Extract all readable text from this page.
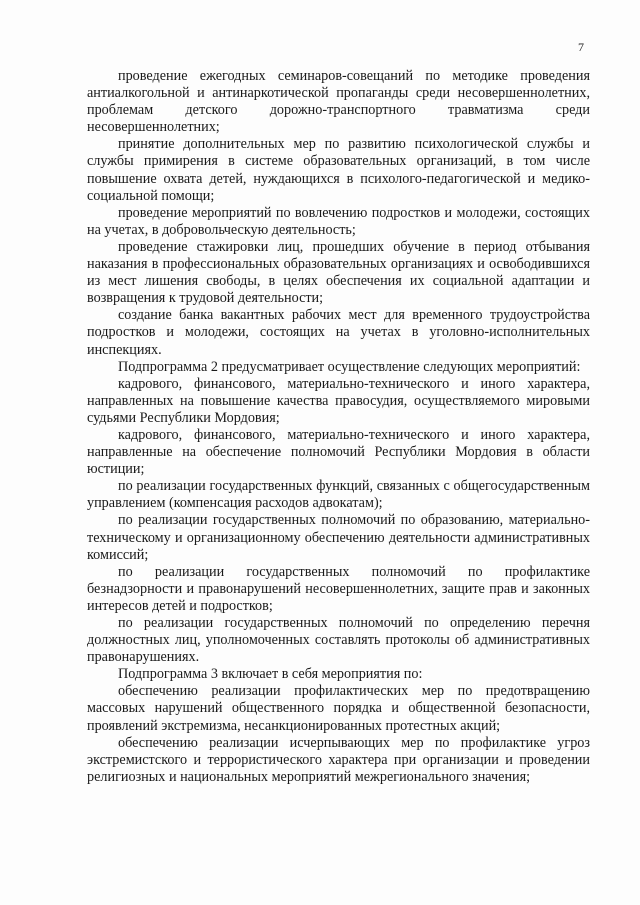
7

проведение ежегодных семинаров-совещаний по методике проведения антиалкогольной и антинаркотической пропаганды среди несовершеннолетних, проблемам детского дорожно-транспортного травматизма среди несовершеннолетних;

принятие дополнительных мер по развитию психологической службы и службы примирения в системе образовательных организаций, в том числе повышение охвата детей, нуждающихся в психолого-педагогической и медико-социальной помощи;

проведение мероприятий по вовлечению подростков и молодежи, состоящих на учетах, в добровольческую деятельность;

проведение стажировки лиц, прошедших обучение в период отбывания наказания в профессиональных образовательных организациях и освободившихся из мест лишения свободы, в целях обеспечения их социальной адаптации и возвращения к трудовой деятельности;

создание банка вакантных рабочих мест для временного трудоустройства подростков и молодежи, состоящих на учетах в уголовно-исполнительных инспекциях.

Подпрограмма 2 предусматривает осуществление следующих мероприятий:

кадрового, финансового, материально-технического и иного характера, направленных на повышение качества правосудия, осуществляемого мировыми судьями Республики Мордовия;

кадрового, финансового, материально-технического и иного характера, направленные на обеспечение полномочий Республики Мордовия в области юстиции;

по реализации государственных функций, связанных с общегосударственным управлением (компенсация расходов адвокатам);

по реализации государственных полномочий по образованию, материально-техническому и организационному обеспечению деятельности административных комиссий;

по реализации государственных полномочий по профилактике безнадзорности и правонарушений несовершеннолетних, защите прав и законных интересов детей и подростков;

по реализации государственных полномочий по определению перечня должностных лиц, уполномоченных составлять протоколы об административных правонарушениях.

Подпрограмма 3 включает в себя мероприятия по:

обеспечению реализации профилактических мер по предотвращению массовых нарушений общественного порядка и общественной безопасности, проявлений экстремизма, несанкционированных протестных акций;

обеспечению реализации исчерпывающих мер по профилактике угроз экстремистского и террористического характера при организации и проведении религиозных и национальных мероприятий межрегионального значения;
